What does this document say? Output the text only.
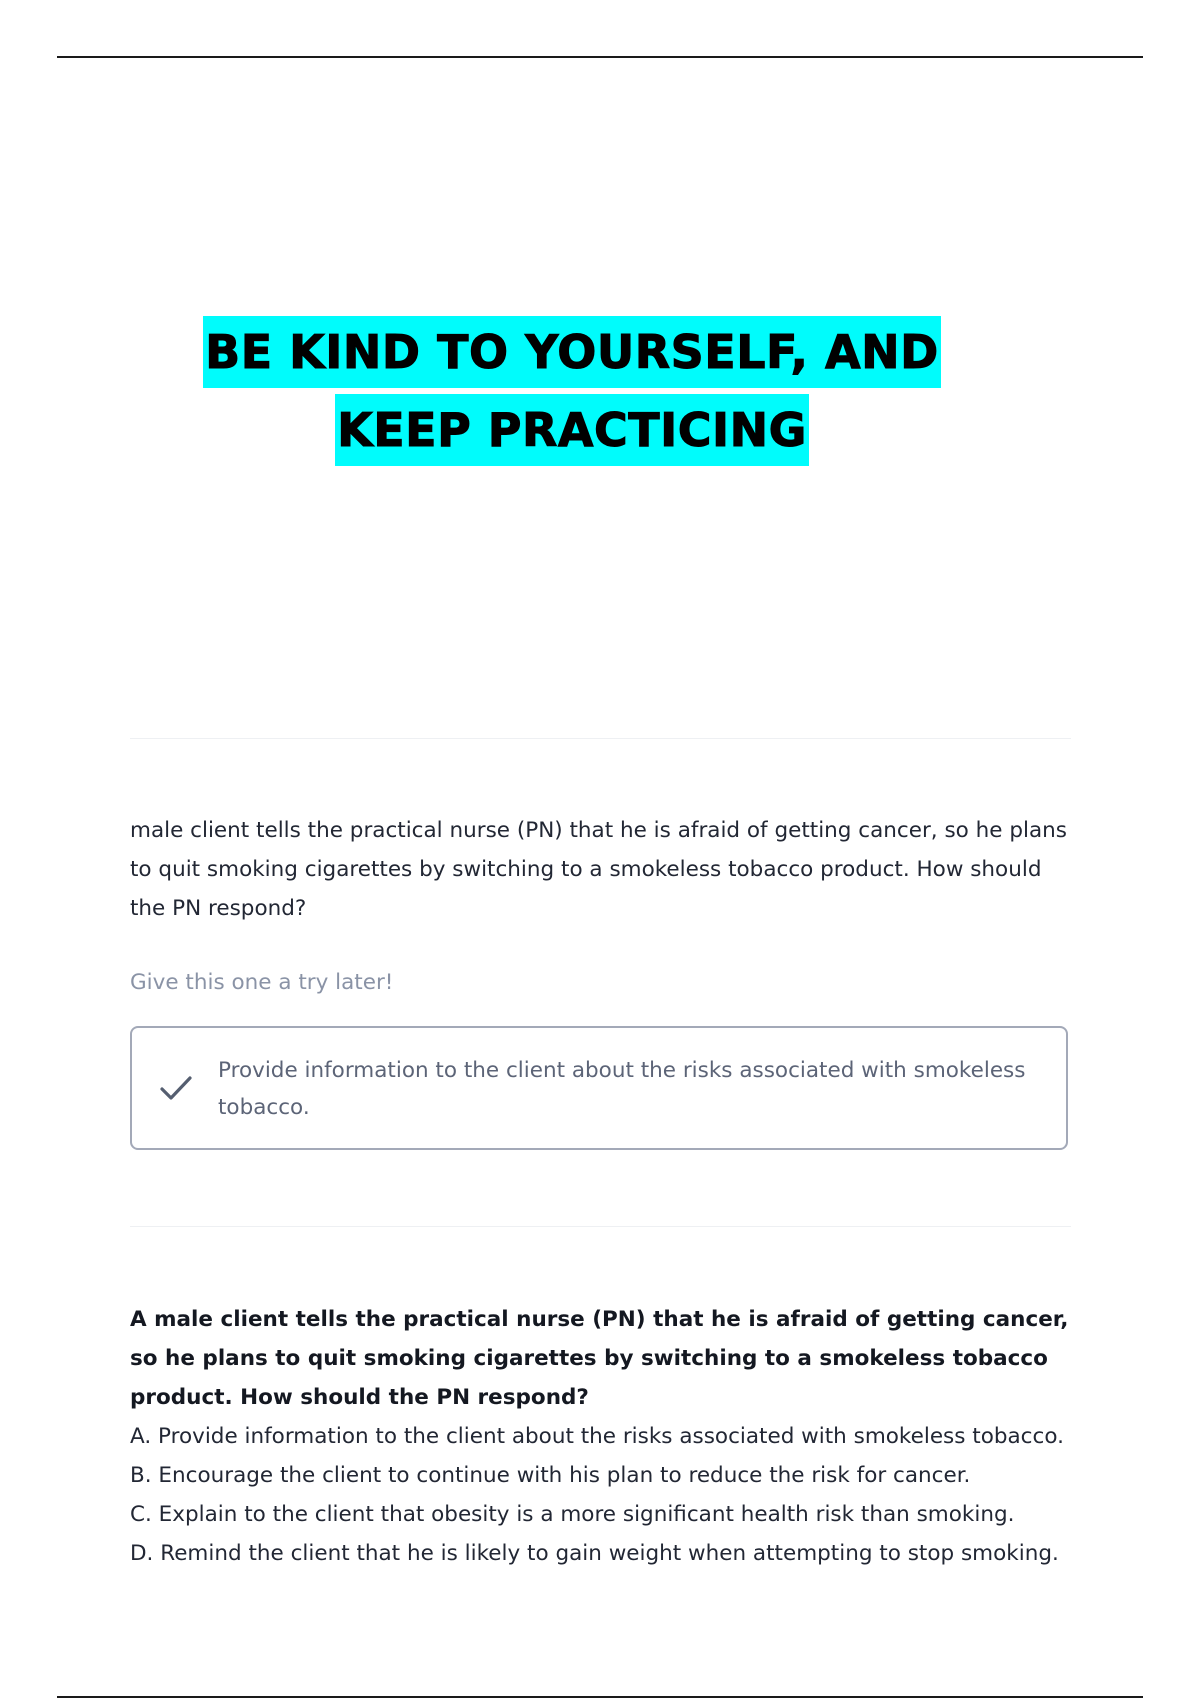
BE KIND TO YOURSELF, AND
KEEP PRACTICING
male client tells the practical nurse (PN) that he is afraid of getting cancer, so he plans to quit smoking cigarettes by switching to a smokeless tobacco product. How should the PN respond?
Give this one a try later!
Provide information to the client about the risks associated with smokeless tobacco.

A male client tells the practical nurse (PN) that he is afraid of getting cancer, so he plans to quit smoking cigarettes by switching to a smokeless tobacco product. How should the PN respond?

A. Provide information to the client about the risks associated with smokeless tobacco.

B. Encourage the client to continue with his plan to reduce the risk for cancer.

C. Explain to the client that obesity is a more significant health risk than smoking.

D. Remind the client that he is likely to gain weight when attempting to stop smoking.
